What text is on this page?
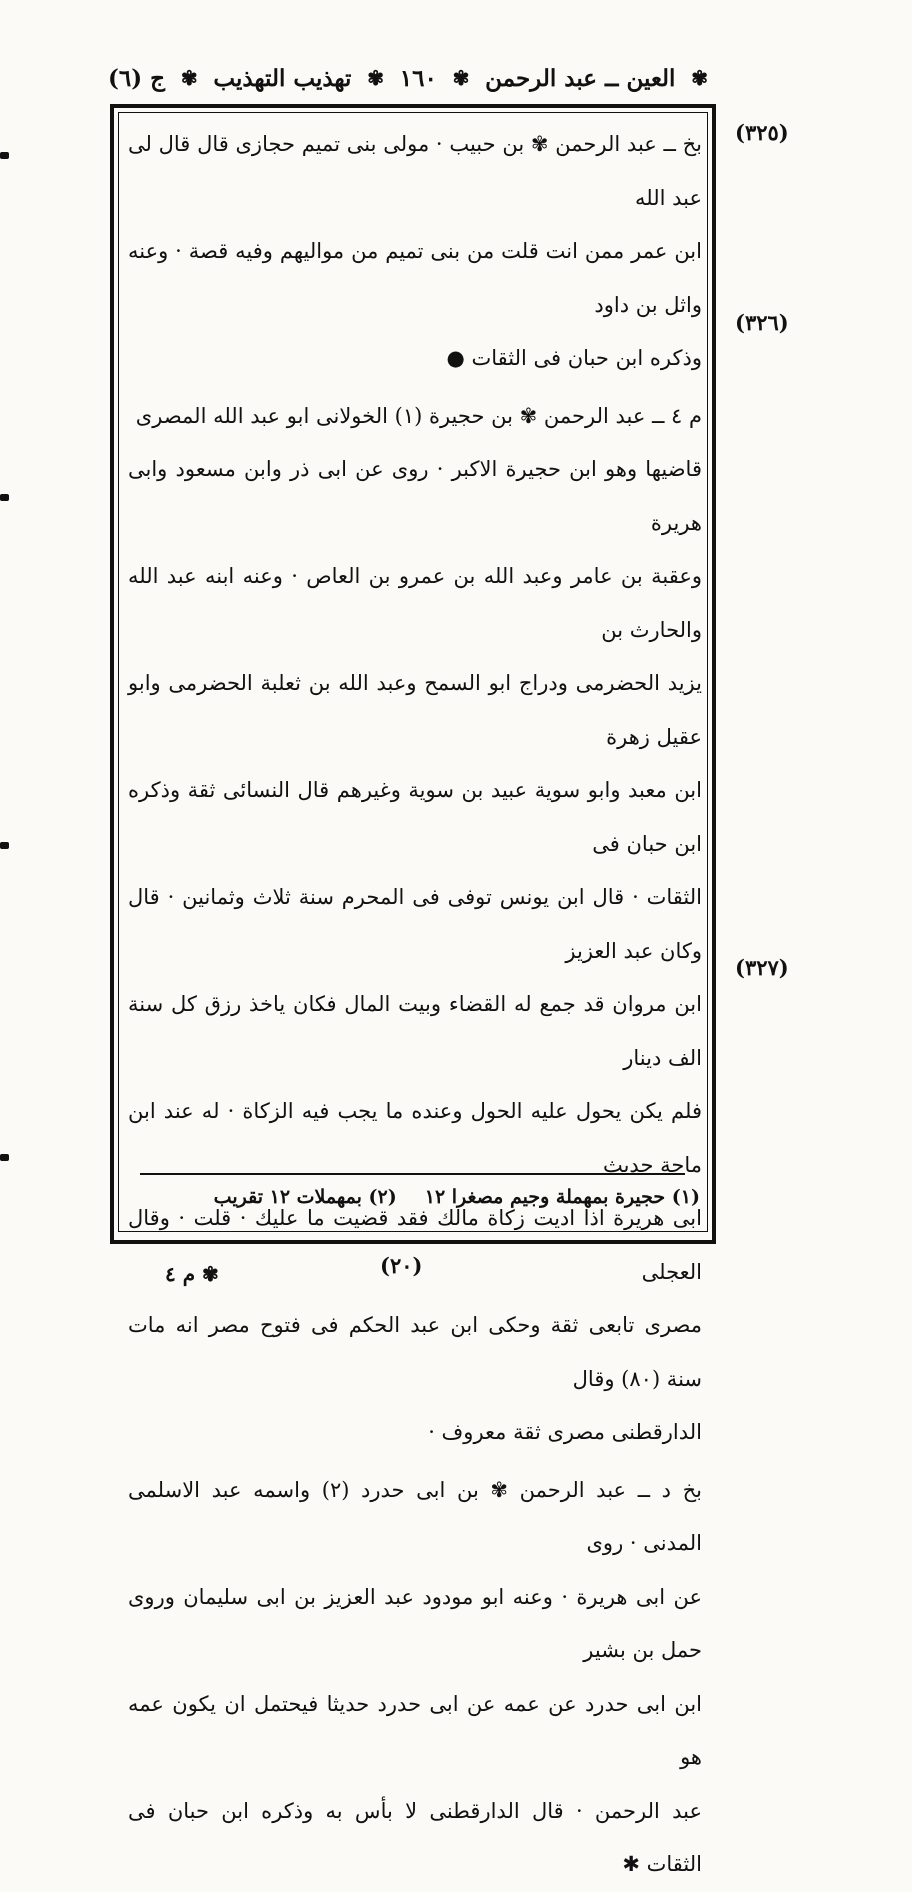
ج (٦) ✾ تهذيب التهذيب ✾ ١٦٠ ✾ العين ــ عبد الرحمن ✾
(٣٢٥)
(٣٢٦)
(٣٢٧)
بخ ــ عبد الرحمن ✾ بن حبيب · مولى بنى تميم حجازى قال قال لى عبد الله
ابن عمر ممن انت قلت من بنى تميم من مواليهم وفيه قصة · وعنه واثل بن داود
وذكره ابن حبان فى الثقات ●
م ٤ ــ عبد الرحمن ✾ بن حجيرة (١) الخولانى ابو عبد الله المصرى
قاضيها وهو ابن حجيرة الاكبر · روى عن ابى ذر وابن مسعود وابى هريرة
وعقبة بن عامر وعبد الله بن عمرو بن العاص · وعنه ابنه عبد الله والحارث بن
يزيد الحضرمى ودراج ابو السمح وعبد الله بن ثعلبة الحضرمى وابو عقيل زهرة
ابن معبد وابو سوية عبيد بن سوية وغيرهم قال النسائى ثقة وذكره ابن حبان فى
الثقات · قال ابن يونس توفى فى المحرم سنة ثلاث وثمانين · قال وكان عبد العزيز
ابن مروان قد جمع له القضاء وبيت المال فكان ياخذ رزق كل سنة الف دينار
فلم يكن يحول عليه الحول وعنده ما يجب فيه الزكاة · له عند ابن ماجة حديث
ابى هريرة اذا اديت زكاة مالك فقد قضيت ما عليك · قلت · وقال العجلى
مصرى تابعى ثقة وحكى ابن عبد الحكم فى فتوح مصر انه مات سنة (٨٠) وقال
الدارقطنى مصرى ثقة معروف ·
بخ د ــ عبد الرحمن ✾ بن ابى حدرد (٢) واسمه عبد الاسلمى المدنى · روى
عن ابى هريرة · وعنه ابو مودود عبد العزيز بن ابى سليمان وروى حمل بن بشير
ابن ابى حدرد عن عمه عن ابى حدرد حديثا فيحتمل ان يكون عمه هو
عبد الرحمن · قال الدارقطنى لا بأس به وذكره ابن حبان فى الثقات ✱
(١) حجيرة بمهملة وجيم مصغرا ١٢
(٢) بمهملات ١٢ تقريب
(٢٠)
✾ م ٤
